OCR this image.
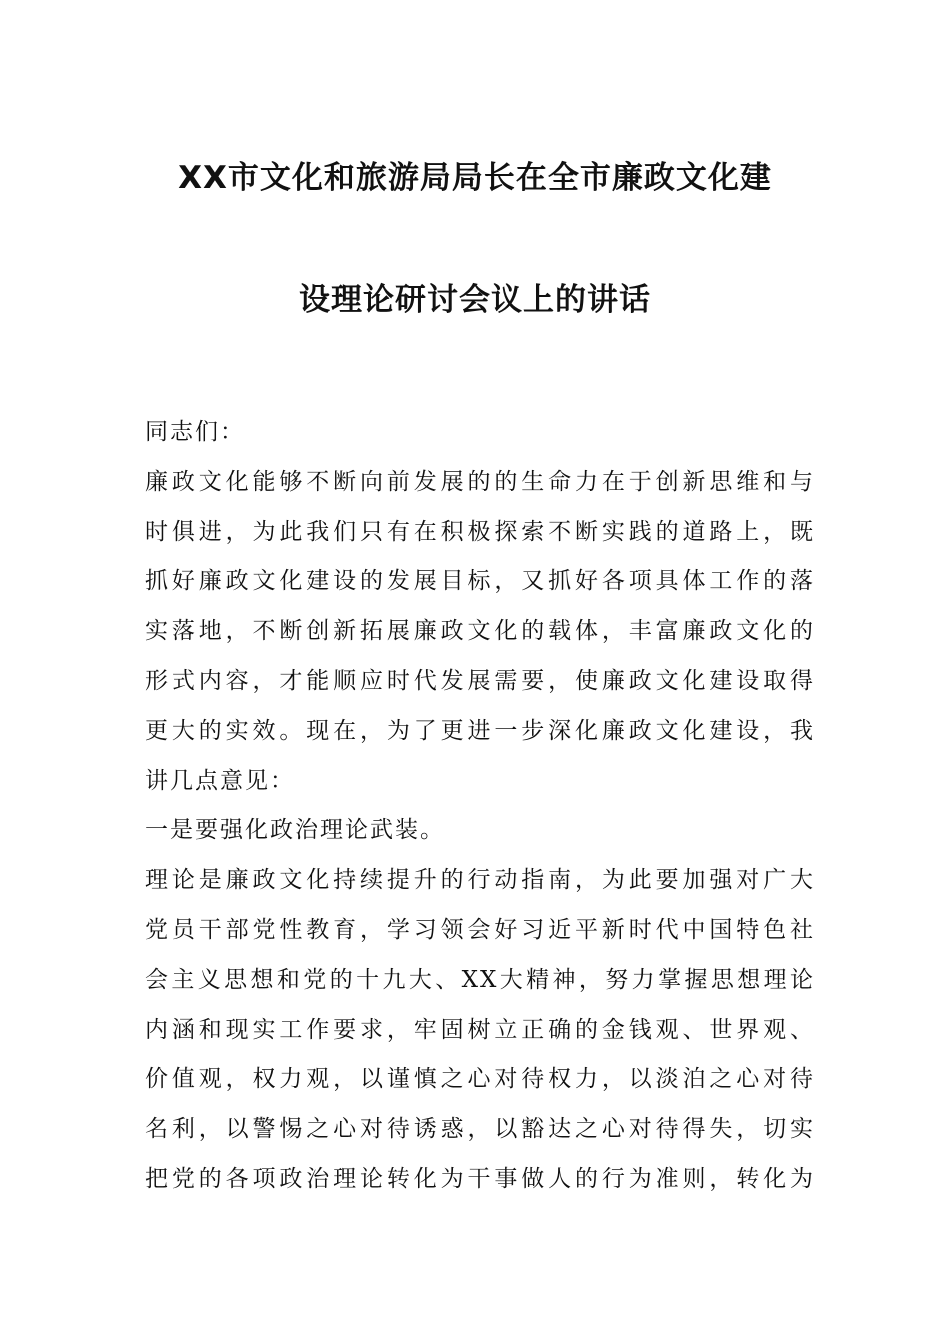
XX市文化和旅游局局长在全市廉政文化建
设理论研讨会议上的讲话
同志们：
廉政文化能够不断向前发展的的生命力在于创新思维和与
时俱进，为此我们只有在积极探索不断实践的道路上，既
抓好廉政文化建设的发展目标，又抓好各项具体工作的落
实落地，不断创新拓展廉政文化的载体，丰富廉政文化的
形式内容，才能顺应时代发展需要，使廉政文化建设取得
更大的实效。现在，为了更进一步深化廉政文化建设，我
讲几点意见：
一是要强化政治理论武装。
理论是廉政文化持续提升的行动指南，为此要加强对广大
党员干部党性教育，学习领会好习近平新时代中国特色社
会主义思想和党的十九大、XX大精神，努力掌握思想理论
内涵和现实工作要求，牢固树立正确的金钱观、世界观、
价值观，权力观，以谨慎之心对待权力，以淡泊之心对待
名利，以警惕之心对待诱惑，以豁达之心对待得失，切实
把党的各项政治理论转化为干事做人的行为准则，转化为
